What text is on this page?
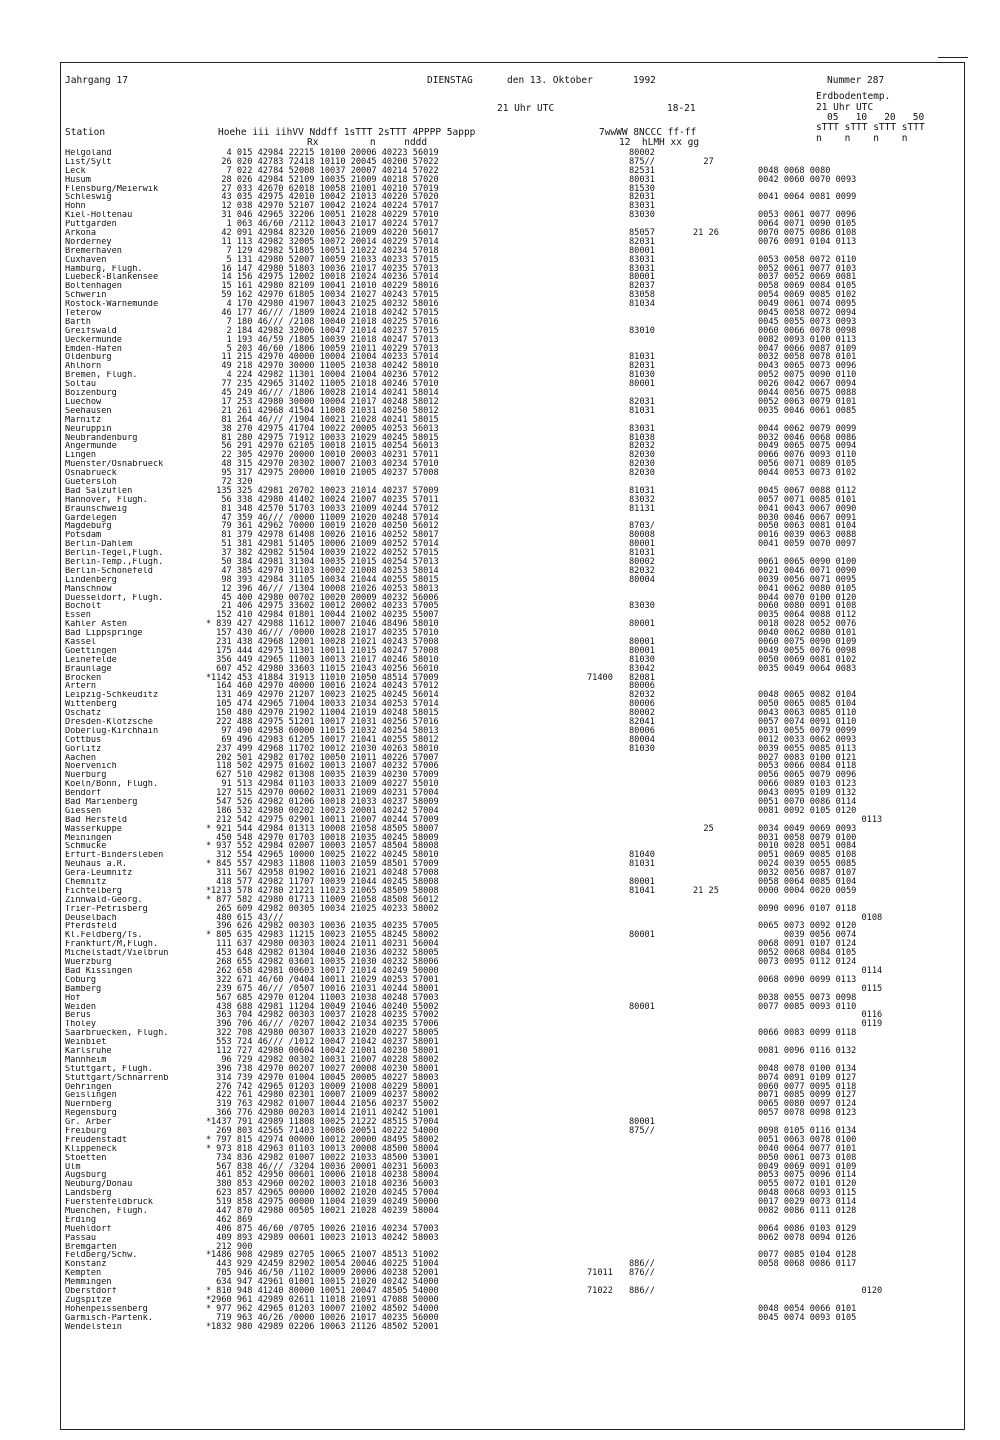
Jahrgang 17	DIENSTAG	den 13. Oktober	1992	Nummer 287
Erdbodentemp.
21 Uhr UTC	18-21	21 Uhr UTC
05   10   20   50
sTTT sTTT sTTT sTTT
n    n    n    n
Station	Hoehe iii iihVV Nddff 1sTTT 2sTTT 4PPPP 5appp
Rx         n     nddd
7wwWW 8NCCC ff-ff
12  hLMH xx gg
Helgoland	4 015 42984 22215 10100 20006 40223 56019	80002
List/Sylt	26 020 42783 72418 10110 20045 40200 57022	875//	27
Leck	7 022 42784 52008 10037 20007 40214 57022	82531	0048 0068 0080
Husum	28 026 42984 52109 10035 21009 40218 57020	80031	0042 0060 0070 0093
Flensburg/Meierwik	27 033 42670 62018 10058 21001 40210 57019	81530
Schleswig	43 035 42975 42010 10042 21013 40220 57020	82031	0041 0064 0081 0099
Hohn	12 038 42970 52107 10042 21024 40224 57017	83031
Kiel-Holtenau	31 046 42965 32206 10051 21028 40229 57010	83030	0053 0061 0077 0096
Puttgarden	1 063 46/60 /2112 10043 21017 40224 57017	0064 0071 0090 0105
Arkona	42 091 42984 82320 10056 21009 40220 56017	85057	21 26	0070 0075 0086 0108
Norderney	11 113 42982 32005 10072 20014 40229 57014	82031	0076 0091 0104 0113
Bremerhaven	7 129 42982 51805 10051 21022 40234 57018	80001
Cuxhaven	5 131 42980 52007 10059 21033 40233 57015	83031	0053 0058 0072 0110
Hamburg, Flugh.	16 147 42980 51803 10036 21017 40235 57013	83031	0052 0061 0077 0103
Luebeck-Blankensee	14 156 42975 12002 10018 21024 40236 57014	80001	0037 0052 0069 0081
Boltenhagen	15 161 42980 82109 10041 21010 40229 58016	82037	0058 0069 0084 0105
Schwerin	59 162 42970 61805 10034 21027 40243 57015	83058	0054 0069 0085 0102
Rostock-Warnemünde	4 170 42980 41907 10043 21025 40232 58016	81034	0049 0061 0074 0095
Teterow	46 177 46/// /1809 10024 21018 40242 57015	0045 0058 0072 0094
Barth	7 180 46/// /2108 10040 21018 40225 57016	0045 0055 0073 0093
Greifswald	2 184 42982 32006 10047 21014 40237 57015	83010	0060 0066 0078 0098
Ueckermünde	1 193 46/59 /1805 10039 21018 40247 57013	0082 0093 0100 0113
Emden-Hafen	5 203 46/60 /1806 10059 21011 40229 57013	0047 0066 0087 0109
Oldenburg	11 215 42970 40000 10004 21004 40233 57014	81031	0032 0058 0078 0101
Ahlhorn	49 218 42970 30000 11005 21038 40242 58010	82031	0043 0065 0073 0096
Bremen, Flugh.	4 224 42982 11301 10004 21004 40236 57012	81030	0052 0075 0090 0110
Soltau	77 235 42965 31402 11005 21018 40246 57010	80001	0026 0042 0067 0094
Boizenburg	45 249 46/// /1806 10028 21014 40241 58014	0044 0056 0075 0088
Luechow	17 253 42980 30000 10004 21017 40248 58012	82031	0052 0063 0079 0101
Seehausen	21 261 42968 41504 11008 21031 40250 58012	81031	0035 0046 0061 0085
Marnitz	81 264 46/// /1904 10021 21028 40241 58015
Neuruppin	38 270 42975 41704 10022 20005 40253 56013	83031	0044 0062 0079 0099
Neubrandenburg	81 280 42975 71912 10033 21029 40245 58015	81038	0032 0046 0068 0086
Angermünde	56 291 42970 62105 10018 21015 40254 56013	82032	0049 0065 0075 0094
Lingen	22 305 42970 20000 10010 20003 40231 57011	82030	0066 0076 0093 0110
Muenster/Osnabrueck	48 315 42970 20302 10007 21003 40234 57010	82030	0056 0071 0089 0105
Osnabrueck	95 317 42975 20000 10010 21005 40237 57008	82030	0044 0053 0073 0102
Guetersloh	72 320
Bad Salzuflen	135 325 42981 20702 10023 21014 40237 57009	81031	0045 0067 0088 0112
Hannover, Flugh.	56 338 42980 41402 10024 21007 40235 57011	83032	0057 0071 0085 0101
Braunschweig	81 348 42570 51703 10033 21009 40244 57012	81131	0041 0043 0067 0090
Gardelegen	47 359 46/// /0000 11009 21020 40248 57014	0030 0046 0067 0091
Magdeburg	79 361 42962 70000 10019 21020 40250 56012	8703/	0050 0063 0081 0104
Potsdam	81 379 42978 61408 10026 21016 40252 58017	80008	0016 0039 0063 0088
Berlin-Dahlem	51 381 42981 51405 10006 21009 40252 57014	80001	0041 0059 0070 0097
Berlin-Tegel,Flugh.	37 382 42982 51504 10039 21022 40252 57015	81031
Berlin-Temp.,Flugh.	50 384 42981 31304 10035 21015 40254 57013	80002	0061 0065 0090 0100
Berlin-Schönefeld	47 385 42970 31103 10002 21008 40253 58014	82032	0021 0046 0071 0090
Lindenberg	98 393 42984 31105 10034 21044 40255 58015	80004	0039 0056 0071 0095
Manschnow	12 396 46/// /1304 10008 21026 40253 58013	0041 0062 0080 0105
Duesseldorf, Flugh.	45 400 42980 00702 10020 20009 40232 56006	0044 0070 0100 0120
Bocholt	21 406 42975 33602 10012 20002 40233 57005	83030	0060 0080 0091 0108
Essen	152 410 42984 01801 10044 21002 40235 55007	0035 0064 0088 0112
Kahler Asten	* 839 427 42988 11612 10007 21046 48496 58010	80001	0018 0028 0052 0076
Bad Lippspringe	157 430 46/// /0000 10028 21017 40235 57010	0040 0062 0080 0101
Kassel	231 438 42968 12001 10028 21021 40243 57008	80001	0060 0075 0090 0109
Goettingen	175 444 42975 11301 10011 21015 40247 57008	80001	0049 0055 0076 0098
Leinefelde	356 449 42965 11003 10013 21017 40246 58010	81030	0050 0069 0081 0102
Braunlage	607 452 42980 33603 11015 21043 40256 56010	83042	0035 0049 0064 0083
Brocken	* 1142 453 41884 31913 11010 21050 48514 57009	71400 82081
Artern	164 460 42970 40000 10016 21024 40243 57012	80006
Leipzig-Schkeuditz	131 469 42970 21207 10023 21025 40245 56014	82032	0048 0065 0082 0104
Wittenberg	105 474 42965 71004 10033 21034 40253 57014	80006	0050 0065 0085 0104
Oschatz	150 480 42970 21902 11004 21019 40248 58015	80002	0043 0063 0085 0110
Dresden-Klotzsche	222 488 42975 51201 10017 21031 40256 57016	82041	0057 0074 0091 0110
Doberlug-Kirchhain	97 490 42958 60000 11015 21032 40254 58013	80006	0031 0055 0079 0099
Cottbus	69 496 42983 61205 10017 21041 40255 58012	80004	0012 0033 0062 0093
Görlitz	237 499 42968 11702 10012 21030 40263 58010	81030	0039 0055 0085 0113
Aachen	202 501 42982 01702 10050 21011 40226 57007	0027 0083 0100 0121
Noervenich	118 502 42975 01602 10013 21007 40232 57006	0053 0066 0084 0118
Nuerburg	627 510 42982 01308 10035 21039 40230 57009	0056 0065 0079 0096
Koeln/Bonn, Flugh.	91 513 42984 01103 10033 21009 40227 55010	0066 0089 0103 0123
Bendorf	127 515 42970 00602 10031 21009 40231 57004	0043 0095 0109 0132
Bad Marienberg	547 526 42982 01206 10018 21033 40237 58009	0051 0070 0086 0114
Giessen	186 532 42980 00202 10023 20001 40242 57004	0081 0092 0105 0120
Bad Hersfeld	212 542 42975 02901 10011 21007 40244 57009	0113
Wasserkuppe	* 921 544 42984 01313 10008 21058 48505 58007	25	0034 0049 0069 0093
Meiningen	450 548 42970 01703 10018 21035 40245 58009	0031 0058 0079 0100
Schmücke	* 937 552 42984 02007 10003 21057 48504 58008	0010 0028 0051 0084
Erfurt-Bindersleben	312 554 42965 10000 10025 21022 40245 58010	81040	0051 0069 0085 0108
Neuhaus a.R.	* 845 557 42983 11808 11003 21059 48501 57009	81031	0024 0039 0055 0085
Gera-Leumnitz	311 567 42958 01902 10016 21021 40248 57008	0032 0056 0087 0107
Chemnitz	418 577 42982 11707 10039 21044 40245 58008	80001	0058 0064 0085 0104
Fichtelberg	* 1213 578 42780 21221 11023 21065 48509 58008	81041	21 25	0000 0004 0020 0059
Zinnwald-Georg.	* 877 582 42980 01713 11009 21058 48508 56012
Trier-Petrisberg	265 609 42982 00305 10034 21025 40233 58002	0090 0096 0107 0118
Deuselbach	480 615 43///	0108
Pferdsfeld	396 626 42982 00303 10036 21035 40235 57005	0065 0073 0092 0120
Kl.Feldberg/Ts.	* 805 635 42983 11215 10023 21055 48245 58002	80001	0039 0056 0074
Frankfurt/M,Flugh.	111 637 42980 00303 10024 21011 40231 56004	0068 0091 0107 0124
Michelstadt/Vielbrun	453 648 42982 01304 10040 21036 40232 58005	0052 0068 0084 0105
Wuerzburg	268 655 42982 03601 10035 21030 40232 58006	0073 0095 0112 0124
Bad Kissingen	262 658 42981 00603 10017 21014 40249 50000	0114
Coburg	322 671 46/60 /0404 10011 21029 40253 57001	0068 0090 0099 0113
Bamberg	239 675 46/// /0507 10016 21031 40244 58001	0115
Hof	567 685 42970 01204 11003 21038 40248 57003	0038 0055 0073 0098
Weiden	438 688 42981 11204 10049 21046 40240 55002	80001	0077 0085 0093 0110
Berus	363 704 42982 00303 10037 21028 40235 57002	0116
Tholey	396 706 46/// /0207 10042 21034 40235 57006	0119
Saarbruecken, Flugh.	322 708 42980 00307 10033 21020 40227 58005	0066 0083 0099 0118
Weinbiet	553 724 46/// /1012 10047 21042 40237 58001
Karlsruhe	112 727 42980 00604 10042 21001 40230 58001	0081 0096 0116 0132
Mannheim	96 729 42982 00302 10031 21007 40228 58002
Stuttgart, Flugh.	396 738 42970 00207 10027 20008 40230 58001	0048 0078 0100 0134
Stuttgart/Schnarrenb	314 739 42970 01004 10045 20005 40227 58003	0074 0091 0109 0127
Oehringen	276 742 42965 01203 10009 21008 40229 58001	0060 0077 0095 0118
Geislingen	422 761 42980 02301 10007 21009 40237 58002	0071 0085 0099 0127
Nuernberg	319 763 42982 01007 10044 21056 40237 55002	0065 0080 0097 0124
Regensburg	366 776 42980 00203 10014 21011 40242 51001	0057 0078 0098 0123
Gr. Arber	* 1437 791 42989 11808 10025 21222 48515 57004	80001
Freiburg	269 803 42565 71403 10086 20051 40222 54000	875//	0098 0105 0116 0134
Freudenstadt	* 797 815 42974 00000 10012 20000 48495 58002	0051 0063 0078 0100
Klippeneck	* 973 818 42963 01103 10013 20008 48500 58004	0040 0064 0077 0101
Stoetten	734 836 42982 01007 10022 21033 48500 53001	0050 0061 0073 0108
Ulm	567 838 46/// /3204 10036 20001 40231 56003	0049 0069 0091 0109
Augsburg	461 852 42950 00601 10006 21018 40238 58004	0053 0075 0096 0114
Neuburg/Donau	380 853 42960 00202 10003 21018 40236 56003	0055 0072 0101 0120
Landsberg	623 857 42965 00000 10002 21020 40245 57004	0048 0068 0093 0115
Fuerstenfeldbruck	519 858 42975 00000 11004 21039 40249 50000	0017 0029 0073 0114
Muenchen, Flugh.	447 870 42980 00505 10021 21028 40239 58004	0082 0086 0111 0128
Erding	462 869
Muehldorf	406 875 46/60 /0705 10026 21016 40234 57003	0064 0086 0103 0129
Passau	409 893 42989 00601 10023 21013 40242 58003	0062 0078 0094 0126
Bremgarten	212 900
Feldberg/Schw.	* 1486 908 42989 02705 10065 21007 48513 51002	0077 0085 0104 0128
Konstanz	443 929 42459 82902 10054 20046 40225 51004	886//	0058 0068 0086 0117
Kempten	705 946 46/50 /1102 10009 20006 40238 52001	71011 876//
Memmingen	634 947 42961 01001 10015 21020 40242 54000
Oberstdorf	* 810 948 41240 80000 10051 20047 48505 54000	71022 886//	0120
Zugspitze	* 2960 961 42989 02611 11018 21091 47088 50000
Hohenpeissenberg	* 977 962 42965 01203 10007 21002 48502 54000	0048 0054 0066 0101
Garmisch-Partenk.	719 963 46/26 /0000 10026 21017 40235 56000	0045 0074 0093 0105
Wendelstein	* 1832 980 42989 02206 10063 21126 48502 52001
